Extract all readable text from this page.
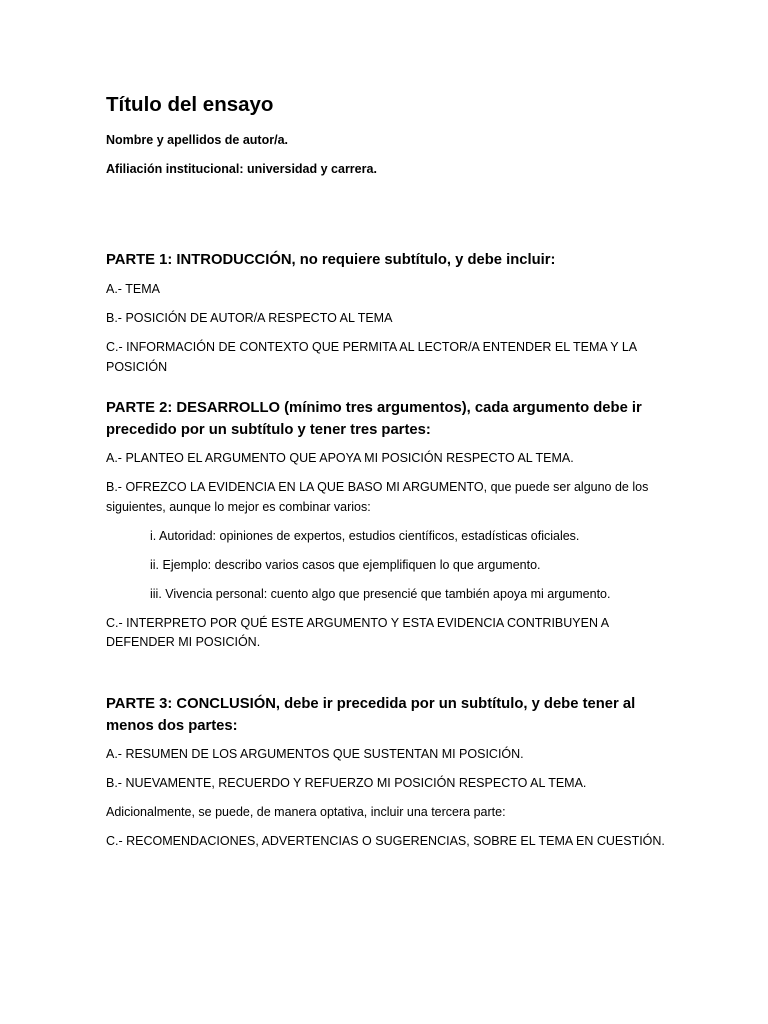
Título del ensayo

Nombre y apellidos de autor/a.

Afiliación institucional: universidad y carrera.

PARTE 1: INTRODUCCIÓN, no requiere subtítulo, y debe incluir:

A.- TEMA

B.- POSICIÓN DE AUTOR/A RESPECTO AL TEMA

C.- INFORMACIÓN DE CONTEXTO QUE PERMITA AL LECTOR/A ENTENDER EL TEMA Y LA POSICIÓN

PARTE 2: DESARROLLO (mínimo tres argumentos), cada argumento debe ir precedido por un subtítulo y tener tres partes:

A.- PLANTEO EL ARGUMENTO QUE APOYA MI POSICIÓN RESPECTO AL TEMA.

B.- OFREZCO LA EVIDENCIA EN LA QUE BASO MI ARGUMENTO, que puede ser alguno de los siguientes, aunque lo mejor es combinar varios:

i. Autoridad: opiniones de expertos, estudios científicos, estadísticas oficiales.

ii. Ejemplo: describo varios casos que ejemplifiquen lo que argumento.

iii. Vivencia personal: cuento algo que presencié que también apoya mi argumento.

C.- INTERPRETO POR QUÉ ESTE ARGUMENTO Y ESTA EVIDENCIA CONTRIBUYEN A DEFENDER MI POSICIÓN.

PARTE 3: CONCLUSIÓN, debe ir precedida por un subtítulo, y debe tener al menos dos partes:

A.- RESUMEN DE LOS ARGUMENTOS QUE SUSTENTAN MI POSICIÓN.

B.- NUEVAMENTE, RECUERDO Y REFUERZO MI POSICIÓN RESPECTO AL TEMA.

Adicionalmente, se puede, de manera optativa, incluir una tercera parte:

C.- RECOMENDACIONES, ADVERTENCIAS O SUGERENCIAS, SOBRE EL TEMA EN CUESTIÓN.
